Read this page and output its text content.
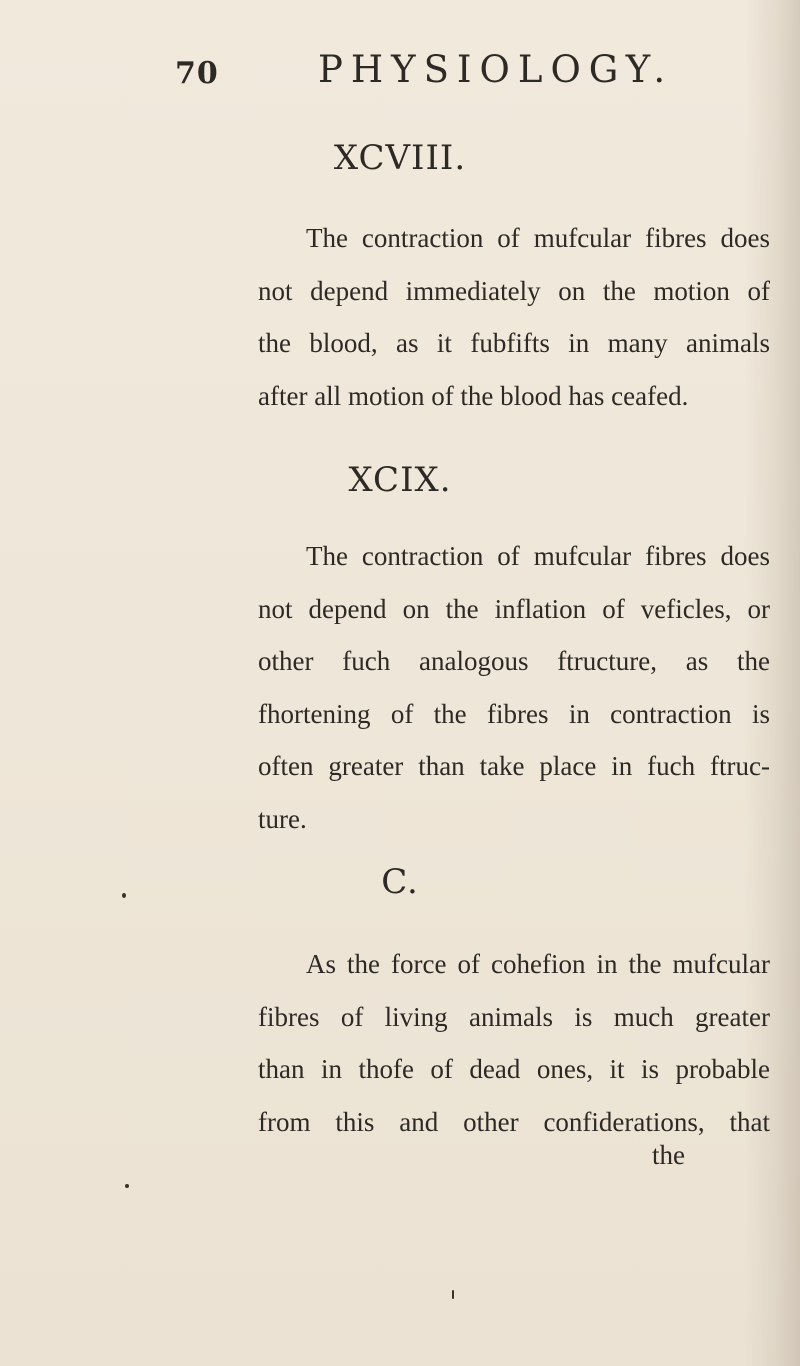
70	PHYSIOLOGY.
XCVIII.
The contraction of mufcular fibres does
not depend immediately on the motion of
the blood, as it fubfifts in many animals
after all motion of the blood has ceafed.
XCIX.
The contraction of mufcular fibres does
not depend on the inflation of veficles, or
other fuch analogous ftructure, as the
fhortening of the fibres in contraction is
often greater than take place in fuch ftruc-
ture.
C.
As the force of cohefion in the mufcular
fibres of living animals is much greater
than in thofe of dead ones, it is probable
from this and other confiderations, that
the
